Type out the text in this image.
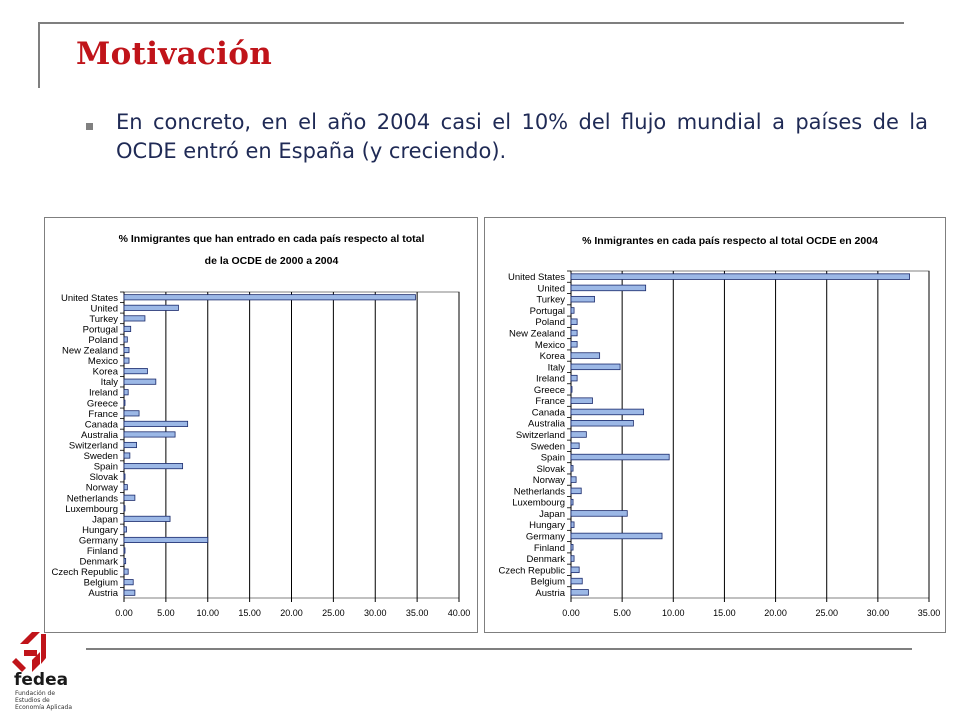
Motivación
En concreto, en el año 2004 casi el 10% del flujo mundial a países de la OCDE entró en España (y creciendo).
% Inmigrantes que han entrado en cada país respecto al total
de la OCDE de 2000 a 2004
0.00	5.00 10.00 15.00 20.00 25.00 30.00 35.00 40.00
United States
United
Turkey
Portugal
Poland
New Zealand
Mexico
Korea
Italy
Ireland
Greece
France
Canada
Australia
Switzerland
Sweden
Spain
Slovak
Norway
Netherlands
Luxembourg
Japan
Hungary
Germany
Finland
Denmark
Czech Republic
Belgium
Austria
% Inmigrantes en cada país respecto al total OCDE en 2004
0.00	5.00	10.00	15.00	20.00	25.00	30.00	35.00
United States
United
Turkey
Portugal
Poland
New Zealand
Mexico
Korea
Italy
Ireland
Greece
France
Canada
Australia
Switzerland
Sweden
Spain
Slovak
Norway
Netherlands
Luxembourg
Japan
Hungary
Germany
Finland
Denmark
Czech Republic
Belgium
Austria
fedea
Fundación de
Estudios de
Economía Aplicada
